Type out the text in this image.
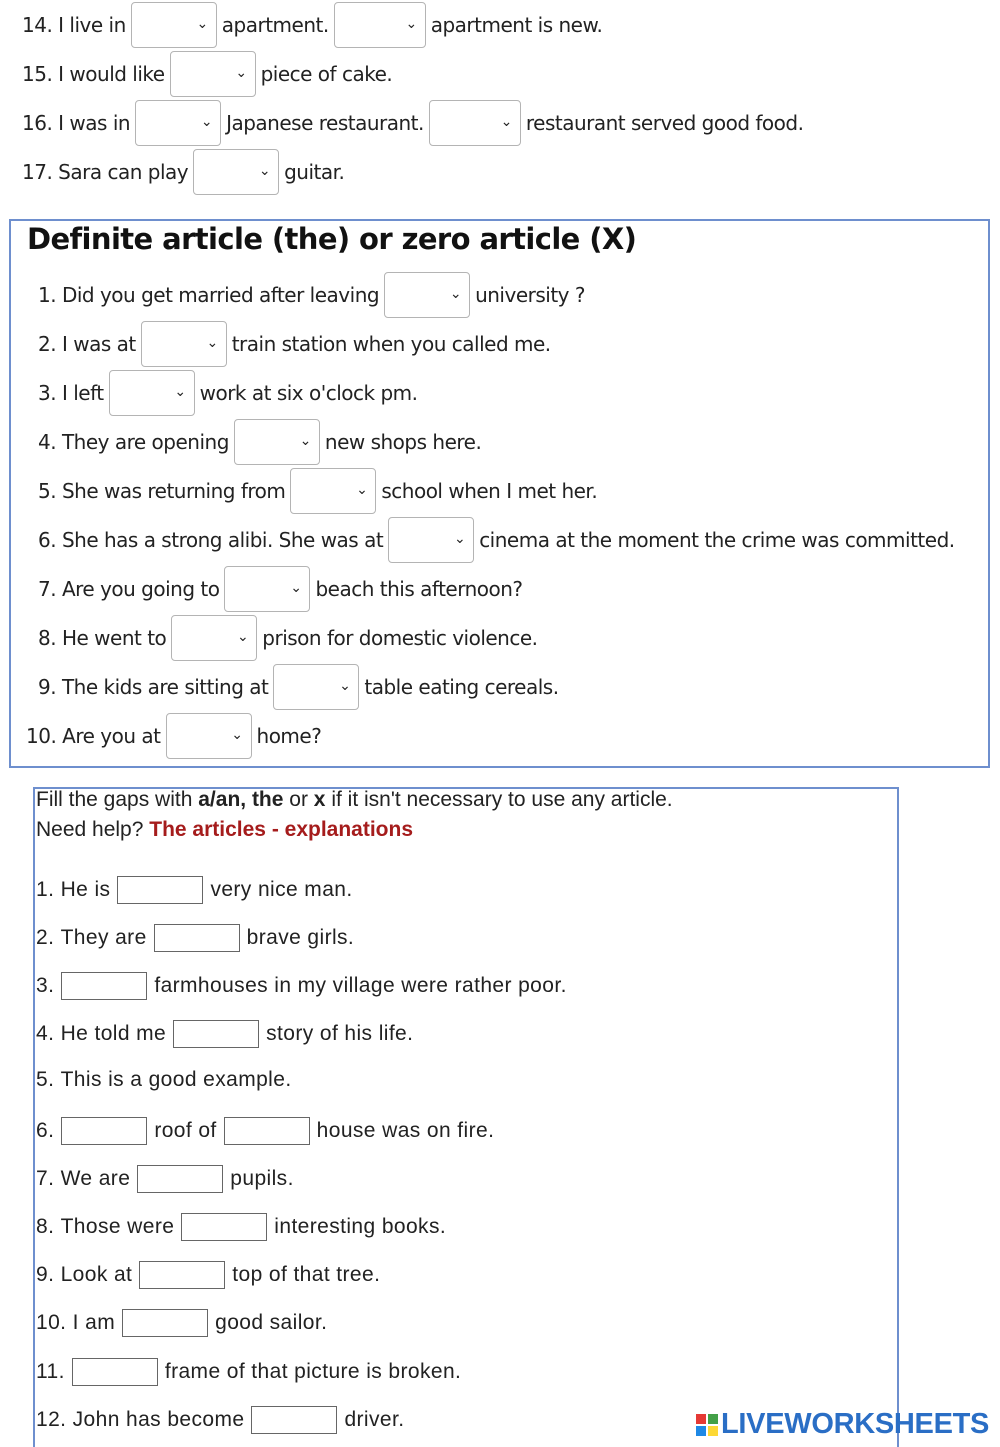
14.
I live in	⌄ apartment.	⌄ apartment is new.
15.
I would like	⌄ piece of cake.
16.
I was in	⌄ Japanese restaurant.	⌄ restaurant served good food.
17.
Sara can play	⌄ guitar.
Definite article (the) or zero article (X)
1.
Did you get married after leaving	⌄ university ?
2.
I was at	⌄ train station when you called me.
3.
I left	⌄ work at six o'clock pm.
4.
They are opening	⌄ new shops here.
5.
She was returning from	⌄ school when I met her.
6.
She has a strong alibi. She was at	⌄ cinema at the moment the crime was committed.
7.
Are you going to	⌄ beach this afternoon?
8.
He went to	⌄ prison for domestic violence.
9.
The kids are sitting at	⌄ table eating cereals.
10.
Are you at	⌄ home?
Fill the gaps with a/an, the or x if it isn't necessary to use any article.
Need help? The articles - explanations
1.
He is	very nice man.
2.
They are	brave girls.
3.	farmhouses in my village were rather poor.
4.
He told me	story of his life.
5.
This is a good example.
6.	roof of	house was on fire.
7.
We are	pupils.
8.
Those were	interesting books.
9.
Look at	top of that tree.
10.
I am	good sailor.
11.	frame of that picture is broken.
12.
John has become	driver.	LIVEWORKSHEETS
